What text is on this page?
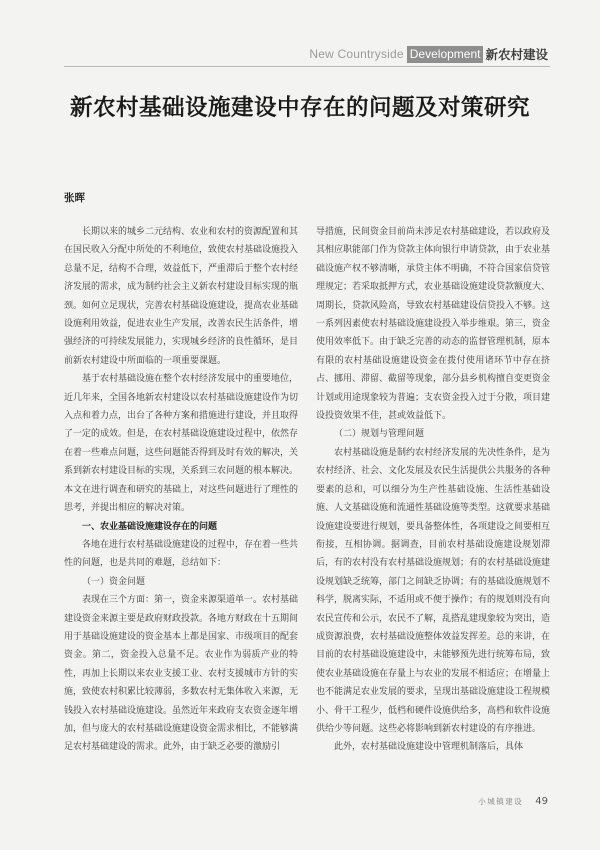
New Countryside Development 新农村建设
新农村基础设施建设中存在的问题及对策研究
张晖

长期以来的城乡二元结构、农业和农村的资源配置和其在国民收入分配中所处的不利地位，致使农村基础设施投入总量不足，结构不合理，效益低下，严重滞后于整个农村经济发展的需求，成为制约社会主义新农村建设目标实现的瓶颈。如何立足现状，完善农村基础设施建设，提高农业基础设施利用效益，促进农业生产发展，改善农民生活条件，增强经济的可持续发展能力，实现城乡经济的良性循环，是目前新农村建设中所面临的一项重要课题。

基于农村基础设施在整个农村经济发展中的重要地位，近几年来，全国各地新农村建设以农村基础设施建设作为切入点和着力点，出台了各种方案和措施进行建设，并且取得了一定的成效。但是，在农村基础设施建设过程中，依然存在着一些难点问题，这些问题能否得到及时有效的解决，关系到新农村建设目标的实现，关系到三农问题的根本解决。本文在进行调查和研究的基础上，对这些问题进行了理性的思考，并提出相应的解决对策。

一、农业基础设施建设存在的问题

各地在进行农村基础设施建设的过程中，存在着一些共性的问题，也是共同的难题，总结如下：

（一）资金问题

表现在三个方面：第一，资金来源渠道单一。农村基础建设资金来源主要是政府财政投款。各地方财政在十五期间用于基础设施建设的资金基本上都是国家、市级项目的配套资金。第二，资金投入总量不足。农业作为弱质产业的特性，再加上长期以来农业支援工业、农村支援城市方针的实施，致使农村积累比较薄弱，多数农村无集体收入来源，无钱投入农村基础设施建设。虽然近年来政府支农资金逐年增加，但与庞大的农村基础设施建设资金需求相比，不能够满足农村基础建设的需求。此外，由于缺乏必要的激励引

导措施，民间资金目前尚未涉足农村基础建设，若以政府及其相应职能部门作为贷款主体向银行申请贷款，由于农业基础设施产权不够清晰，承贷主体不明确，不符合国家信贷管理规定；若采取抵押方式，农业基础设施建设贷款额度大、周期长，贷款风险高，导致农村基础建设信贷投入不够。这一系列因素使农村基础设施建设投入举步维艰。第三，资金使用效率低下。由于缺乏完善的动态的监督管理机制，原本有限的农村基础设施建设资金在拨付使用诸环节中存在挤占、挪用、滞留、截留等现象，部分县乡机构擅自变更资金计划或用途现象较为普遍；支农资金投入过于分散，项目建设投资效果不佳，甚或效益低下。

（二）规划与管理问题

农村基础设施是制约农村经济发展的先决性条件，是为农村经济、社会、文化发展及农民生活提供公共服务的各种要素的总和，可以细分为生产性基础设施、生活性基础设施、人文基础设施和流通性基础设施等类型。这就要求基础设施建设要进行规划，要具备整体性，各项建设之间要相互衔接，互相协调。据调查，目前农村基础设施建设规划滞后，有的农村没有农村基础设施规划；有的农村基础设施建设规划缺乏统筹，部门之间缺乏协调；有的基础设施规划不科学，脱离实际，不适用或不便于操作；有的规划则没有向农民宣传和公示，农民不了解，乱搭乱建现象较为突出，造成资源浪费，农村基础设施整体效益发挥差。总的来讲，在目前的农村基础设施建设中，未能够预先进行统筹布局，致使农业基础设施在存量上与农业的发展不相适应；在增量上也不能满足农业发展的要求，呈现出基础设施建设工程规模小、骨干工程少，低档和硬件设施供给多，高档和软件设施供给少等问题。这些必将影响到新农村建设的有序推进。

此外，农村基础设施建设中管理机制落后，具体

小城镇建设 49
